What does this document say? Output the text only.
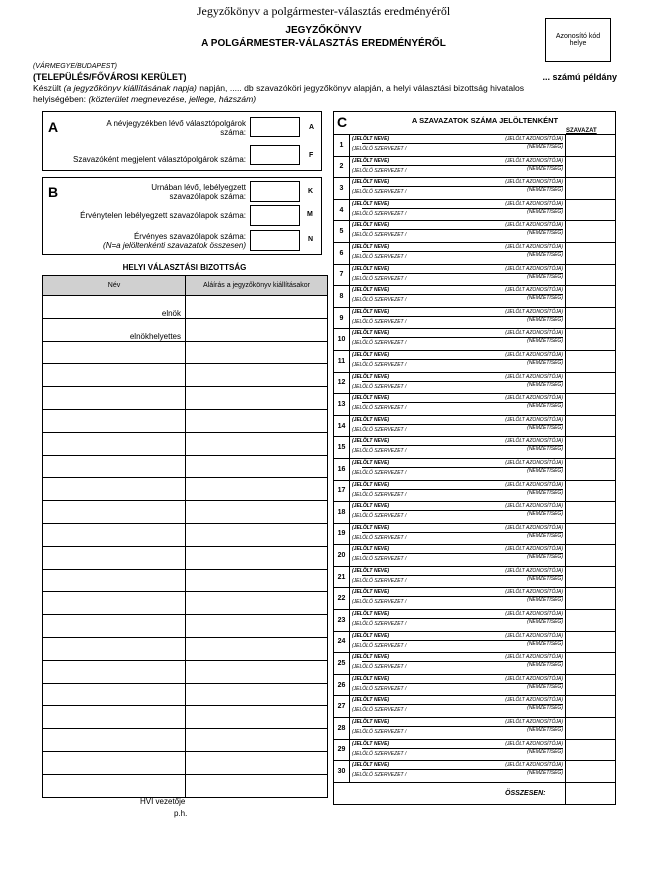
Jegyzőkönyv a polgármester-választás eredményéről
JEGYZŐKÖNYV
A POLGÁRMESTER-VÁLASZTÁS EREDMÉNYÉRŐL
Azonosító kód helye
(VÁRMEGYE/BUDAPEST)
(TELEPÜLÉS/FŐVÁROSI KERÜLET)	... számú példány
Készült (a jegyzőkönyv kiállításának napja) napján, ..... db szavazóköri jegyzőkönyv alapján, a helyi választási bizottság hivatalos
helyiségében: (közterület megnevezése, jellege, házszám)
A	A névjegyzékben lévő választópolgárok száma:
A
Szavazóként megjelent választópolgárok száma:	F
B	Urnában lévő, lebélyegzett szavazólapok száma:
K
Érvénytelen lebélyegzett szavazólapok száma:	M
Érvényes szavazólapok száma:
(N=a jelöltenkénti szavazatok összesen)
N
HELYI VÁLASZTÁSI BIZOTTSÁG
Név	Aláírás a jegyzőkönyv kiállításakor
elnök	
elnökhelyettes	

HVI vezetője
p.h.
C	A SZAVAZATOK SZÁMA JELÖLTENKÉNT
SZAVAZAT
1	(JELÖLT NEVE)
(JELÖLŐ SZERVEZET /
(JELÖLT AZONOSÍTÓJA)
(NEMZETISÉG)	

2	(JELÖLT NEVE)
(JELÖLŐ SZERVEZET /
(JELÖLT AZONOSÍTÓJA)
(NEMZETISÉG)	

3	(JELÖLT NEVE)
(JELÖLŐ SZERVEZET /
(JELÖLT AZONOSÍTÓJA)
(NEMZETISÉG)	

4	(JELÖLT NEVE)
(JELÖLŐ SZERVEZET /
(JELÖLT AZONOSÍTÓJA)
(NEMZETISÉG)	

5	(JELÖLT NEVE)
(JELÖLŐ SZERVEZET /
(JELÖLT AZONOSÍTÓJA)
(NEMZETISÉG)	

6	(JELÖLT NEVE)
(JELÖLŐ SZERVEZET /
(JELÖLT AZONOSÍTÓJA)
(NEMZETISÉG)	

7	(JELÖLT NEVE)
(JELÖLŐ SZERVEZET /
(JELÖLT AZONOSÍTÓJA)
(NEMZETISÉG)	

8	(JELÖLT NEVE)
(JELÖLŐ SZERVEZET /
(JELÖLT AZONOSÍTÓJA)
(NEMZETISÉG)	

9	(JELÖLT NEVE)
(JELÖLŐ SZERVEZET /
(JELÖLT AZONOSÍTÓJA)
(NEMZETISÉG)	

10	(JELÖLT NEVE)
(JELÖLŐ SZERVEZET /
(JELÖLT AZONOSÍTÓJA)
(NEMZETISÉG)	

11	(JELÖLT NEVE)
(JELÖLŐ SZERVEZET /
(JELÖLT AZONOSÍTÓJA)
(NEMZETISÉG)	

12	(JELÖLT NEVE)
(JELÖLŐ SZERVEZET /
(JELÖLT AZONOSÍTÓJA)
(NEMZETISÉG)	

13	(JELÖLT NEVE)
(JELÖLŐ SZERVEZET /
(JELÖLT AZONOSÍTÓJA)
(NEMZETISÉG)	

14	(JELÖLT NEVE)
(JELÖLŐ SZERVEZET /
(JELÖLT AZONOSÍTÓJA)
(NEMZETISÉG)	

15	(JELÖLT NEVE)
(JELÖLŐ SZERVEZET /
(JELÖLT AZONOSÍTÓJA)
(NEMZETISÉG)	

16	(JELÖLT NEVE)
(JELÖLŐ SZERVEZET /
(JELÖLT AZONOSÍTÓJA)
(NEMZETISÉG)	

17	(JELÖLT NEVE)
(JELÖLŐ SZERVEZET /
(JELÖLT AZONOSÍTÓJA)
(NEMZETISÉG)	

18	(JELÖLT NEVE)
(JELÖLŐ SZERVEZET /
(JELÖLT AZONOSÍTÓJA)
(NEMZETISÉG)	

19	(JELÖLT NEVE)
(JELÖLŐ SZERVEZET /
(JELÖLT AZONOSÍTÓJA)
(NEMZETISÉG)	

20	(JELÖLT NEVE)
(JELÖLŐ SZERVEZET /
(JELÖLT AZONOSÍTÓJA)
(NEMZETISÉG)	

21	(JELÖLT NEVE)
(JELÖLŐ SZERVEZET /
(JELÖLT AZONOSÍTÓJA)
(NEMZETISÉG)	

22	(JELÖLT NEVE)
(JELÖLŐ SZERVEZET /
(JELÖLT AZONOSÍTÓJA)
(NEMZETISÉG)	

23	(JELÖLT NEVE)
(JELÖLŐ SZERVEZET /
(JELÖLT AZONOSÍTÓJA)
(NEMZETISÉG)	

24	(JELÖLT NEVE)
(JELÖLŐ SZERVEZET /
(JELÖLT AZONOSÍTÓJA)
(NEMZETISÉG)	

25	(JELÖLT NEVE)
(JELÖLŐ SZERVEZET /
(JELÖLT AZONOSÍTÓJA)
(NEMZETISÉG)	

26	(JELÖLT NEVE)
(JELÖLŐ SZERVEZET /
(JELÖLT AZONOSÍTÓJA)
(NEMZETISÉG)	

27	(JELÖLT NEVE)
(JELÖLŐ SZERVEZET /
(JELÖLT AZONOSÍTÓJA)
(NEMZETISÉG)	

28	(JELÖLT NEVE)
(JELÖLŐ SZERVEZET /
(JELÖLT AZONOSÍTÓJA)
(NEMZETISÉG)	

29	(JELÖLT NEVE)
(JELÖLŐ SZERVEZET /
(JELÖLT AZONOSÍTÓJA)
(NEMZETISÉG)	

30	(JELÖLT NEVE)
(JELÖLŐ SZERVEZET /
(JELÖLT AZONOSÍTÓJA)
(NEMZETISÉG)	

ÖSSZESEN:
